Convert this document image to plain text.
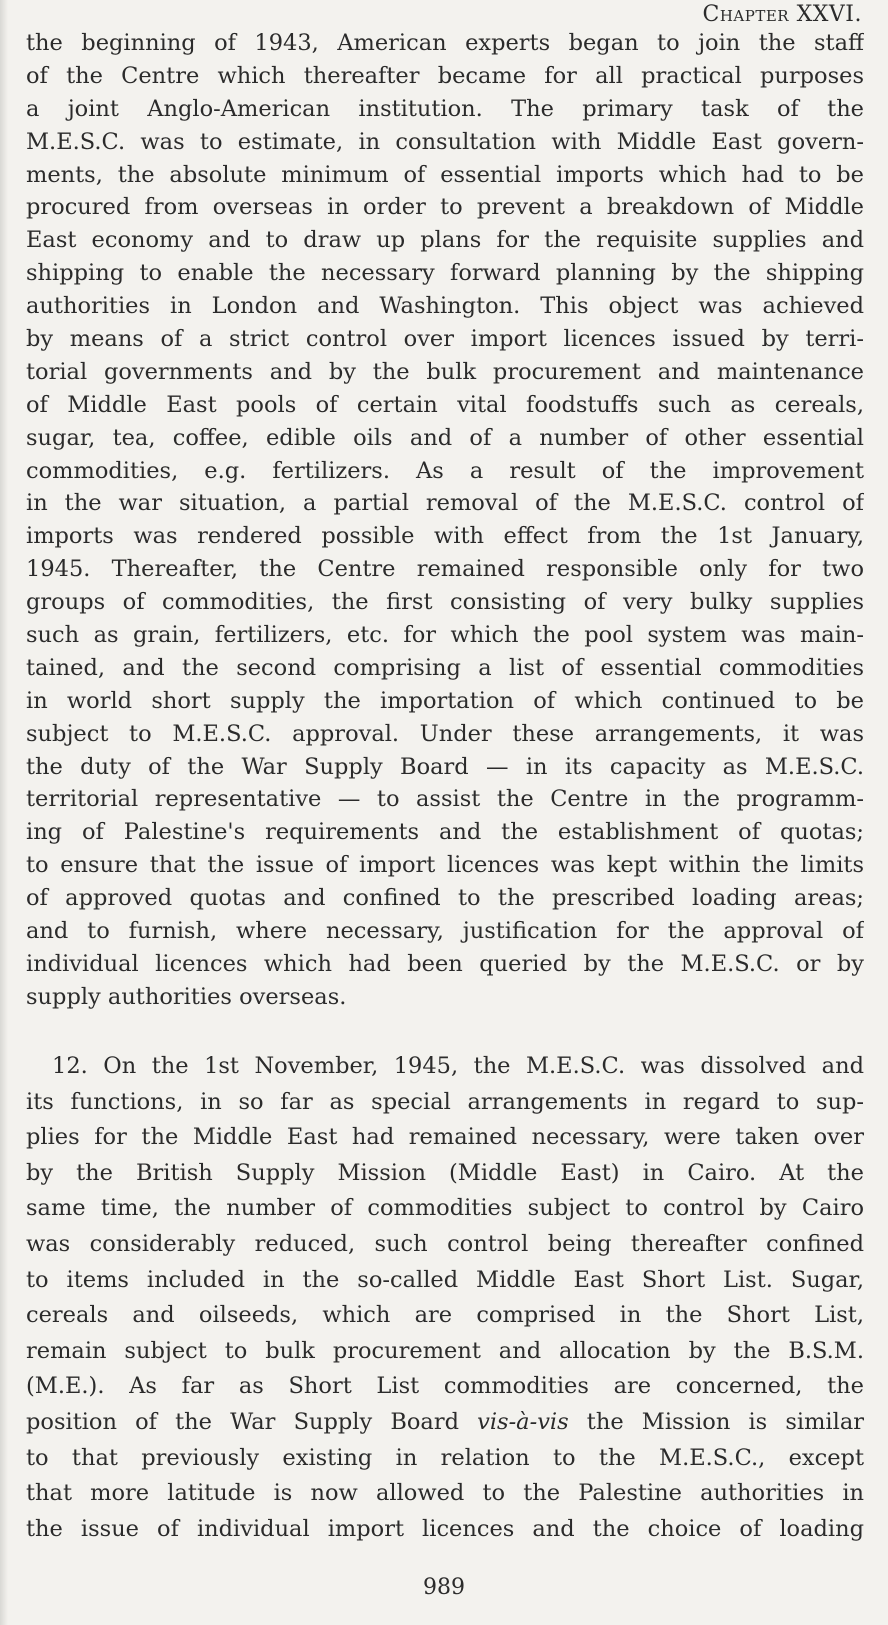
Chapter XXVI.
the beginning of 1943, American experts began to join the staff
of the Centre which thereafter became for all practical purposes
a joint Anglo-American institution. The primary task of the
M.E.S.C. was to estimate, in consultation with Middle East govern-
ments, the absolute minimum of essential imports which had to be
procured from overseas in order to prevent a breakdown of Middle
East economy and to draw up plans for the requisite supplies and
shipping to enable the necessary forward planning by the shipping
authorities in London and Washington. This object was achieved
by means of a strict control over import licences issued by terri-
torial governments and by the bulk procurement and maintenance
of Middle East pools of certain vital foodstuffs such as cereals,
sugar, tea, coffee, edible oils and of a number of other essential
commodities, e.g. fertilizers. As a result of the improvement
in the war situation, a partial removal of the M.E.S.C. control of
imports was rendered possible with effect from the 1st January,
1945. Thereafter, the Centre remained responsible only for two
groups of commodities, the first consisting of very bulky supplies
such as grain, fertilizers, etc. for which the pool system was main-
tained, and the second comprising a list of essential commodities
in world short supply the importation of which continued to be
subject to M.E.S.C. approval. Under these arrangements, it was
the duty of the War Supply Board — in its capacity as M.E.S.C.
territorial representative — to assist the Centre in the programm-
ing of Palestine's requirements and the establishment of quotas;
to ensure that the issue of import licences was kept within the limits
of approved quotas and confined to the prescribed loading areas;
and to furnish, where necessary, justification for the approval of
individual licences which had been queried by the M.E.S.C. or by
supply authorities overseas.
12. On the 1st November, 1945, the M.E.S.C. was dissolved and
its functions, in so far as special arrangements in regard to sup-
plies for the Middle East had remained necessary, were taken over
by the British Supply Mission (Middle East) in Cairo. At the
same time, the number of commodities subject to control by Cairo
was considerably reduced, such control being thereafter confined
to items included in the so-called Middle East Short List. Sugar,
cereals and oilseeds, which are comprised in the Short List,
remain subject to bulk procurement and allocation by the B.S.M.
(M.E.). As far as Short List commodities are concerned, the
position of the War Supply Board vis-à-vis the Mission is similar
to that previously existing in relation to the M.E.S.C., except
that more latitude is now allowed to the Palestine authorities in
the issue of individual import licences and the choice of loading
989
